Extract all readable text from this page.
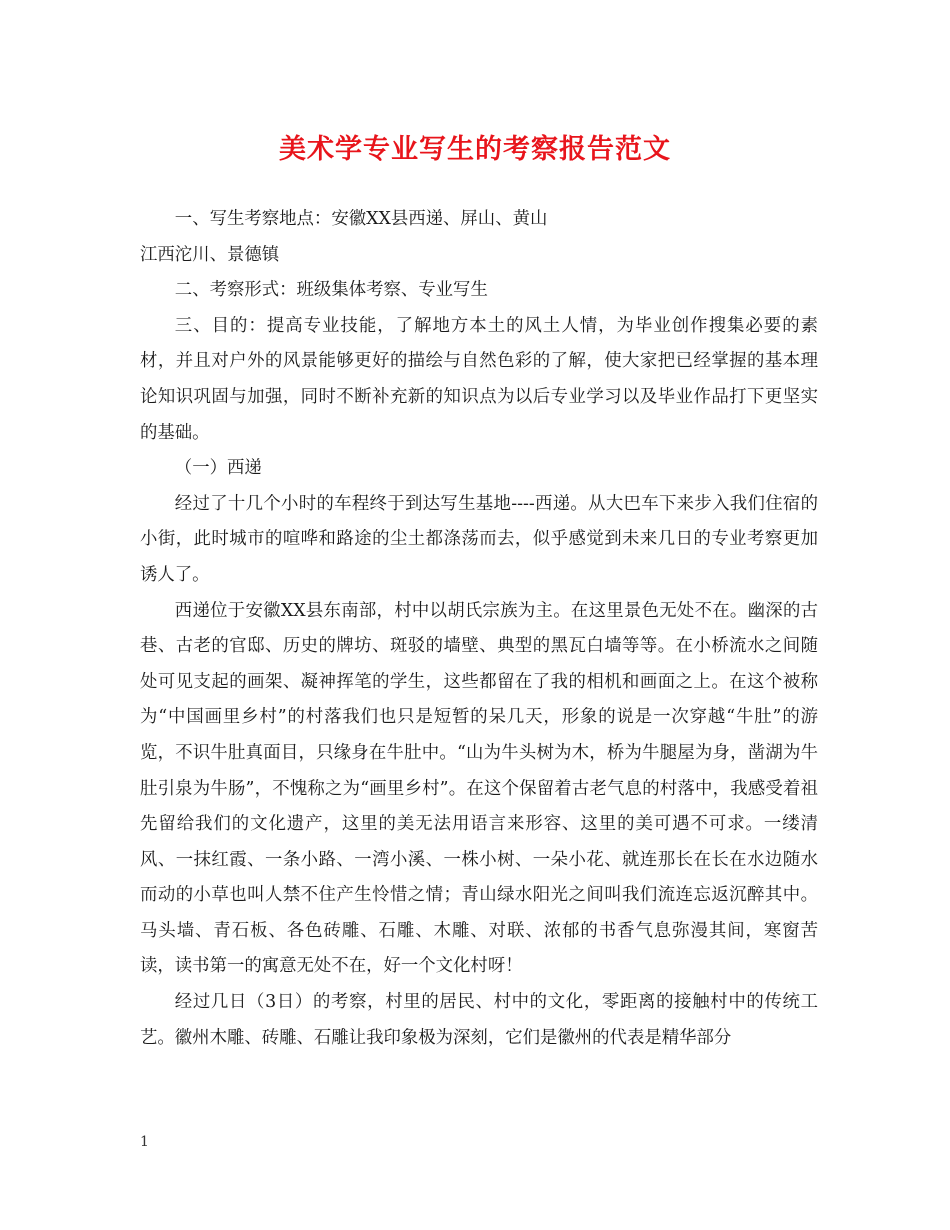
美术学专业写生的考察报告范文

一、写生考察地点：安徽XX县西递、屏山、黄山

江西沱川、景德镇

二、考察形式：班级集体考察、专业写生

三、目的：提高专业技能，了解地方本土的风土人情，为毕业创作搜集必要的素材，并且对户外的风景能够更好的描绘与自然色彩的了解，使大家把已经掌握的基本理论知识巩固与加强，同时不断补充新的知识点为以后专业学习以及毕业作品打下更坚实的基础。

（一）西递

经过了十几个小时的车程终于到达写生基地----西递。从大巴车下来步入我们住宿的小街，此时城市的喧哗和路途的尘土都涤荡而去，似乎感觉到未来几日的专业考察更加诱人了。

西递位于安徽XX县东南部，村中以胡氏宗族为主。在这里景色无处不在。幽深的古巷、古老的官邸、历史的牌坊、斑驳的墙壁、典型的黑瓦白墙等等。在小桥流水之间随处可见支起的画架、凝神挥笔的学生，这些都留在了我的相机和画面之上。在这个被称为“中国画里乡村”的村落我们也只是短暂的呆几天，形象的说是一次穿越“牛肚”的游览，不识牛肚真面目，只缘身在牛肚中。“山为牛头树为木，桥为牛腿屋为身，凿湖为牛肚引泉为牛肠”，不愧称之为“画里乡村”。在这个保留着古老气息的村落中，我感受着祖先留给我们的文化遗产，这里的美无法用语言来形容、这里的美可遇不可求。一缕清风、一抹红霞、一条小路、一湾小溪、一株小树、一朵小花、就连那长在长在水边随水而动的小草也叫人禁不住产生怜惜之情；青山绿水阳光之间叫我们流连忘返沉醉其中。马头墙、青石板、各色砖雕、石雕、木雕、对联、浓郁的书香气息弥漫其间，寒窗苦读，读书第一的寓意无处不在，好一个文化村呀！

经过几日（3日）的考察，村里的居民、村中的文化，零距离的接触村中的传统工艺。徽州木雕、砖雕、石雕让我印象极为深刻，它们是徽州的代表是精华部分

1
